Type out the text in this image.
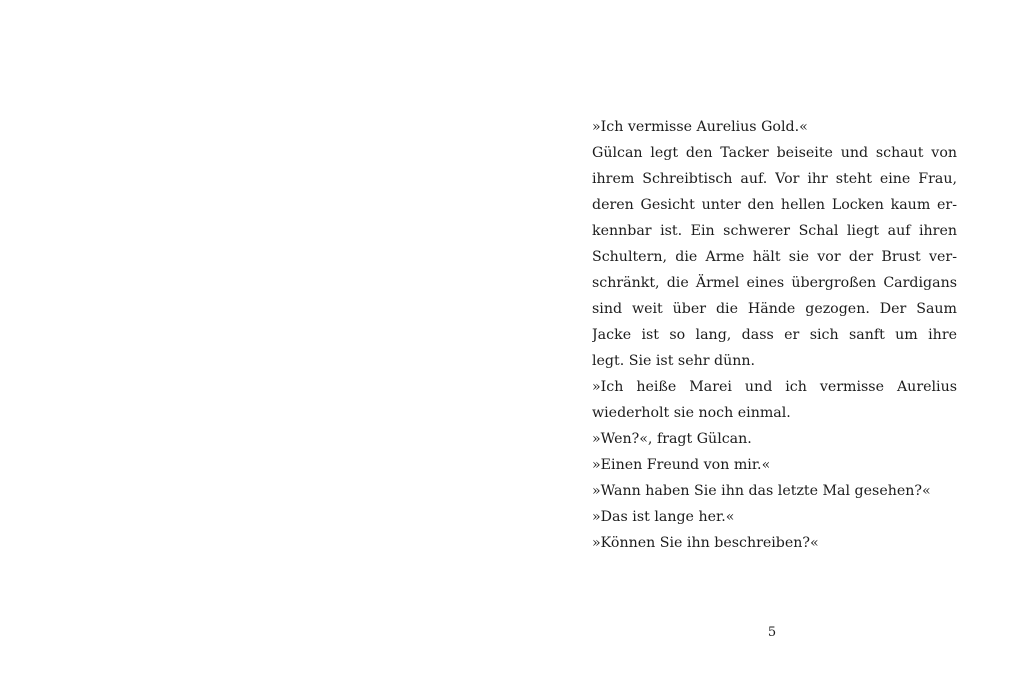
»Ich vermisse Aurelius Gold.«
Gülcan legt den Tacker beiseite und schaut von
ihrem Schreibtisch auf. Vor ihr steht eine Frau,
deren Gesicht unter den hellen Locken kaum er-
kennbar ist. Ein schwerer Schal liegt auf ihren
Schultern, die Arme hält sie vor der Brust ver-
schränkt, die Ärmel eines übergroßen Cardigans
sind weit über die Hände gezogen. Der Saum
Jacke ist so lang, dass er sich sanft um ihre
legt. Sie ist sehr dünn.
»Ich heiße Marei und ich vermisse Aurelius
wiederholt sie noch einmal.
»Wen?«, fragt Gülcan.
»Einen Freund von mir.«
»Wann haben Sie ihn das letzte Mal gesehen?«
»Das ist lange her.«
»Können Sie ihn beschreiben?«
5
